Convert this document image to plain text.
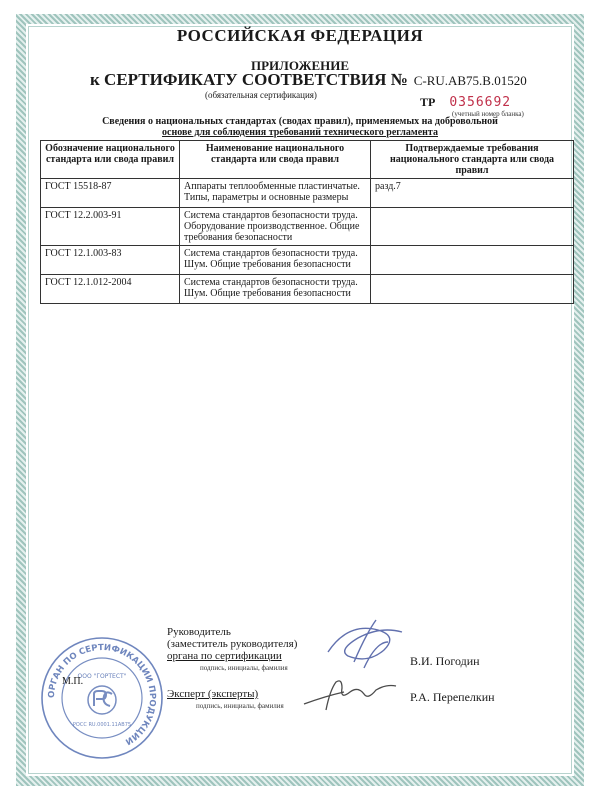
РОССИЙСКАЯ ФЕДЕРАЦИЯ
ПРИЛОЖЕНИЕ
к СЕРТИФИКАТУ СООТВЕТСТВИЯ № C-RU.AB75.B.01520
(обязательная сертификация)	ТР 0356692
(учетный номер бланка)
Сведения о национальных стандартах (сводах правил), применяемых на добровольной
основе для соблюдения требований технического регламента
Обозначение национального стандарта или свода правил	Наименование национального стандарта или свода правил	Подтверждаемые требования национального стандарта или свода правил
ГОСТ 15518-87	Аппараты теплообменные пластинчатые. Типы, параметры и основные размеры	разд.7
ГОСТ 12.2.003-91	Система стандартов безопасности труда. Оборудование производственное. Общие требования безопасности	
ГОСТ 12.1.003-83	Система стандартов безопасности труда. Шум. Общие требования безопасности	
ГОСТ 12.1.012-2004	Система стандартов безопасности труда. Шум. Общие требования безопасности	
ОРГАН ПО СЕРТИФИКАЦИИ ПРОДУКЦИИ
ООО "ГОРТЕСТ"
РОСС RU.0001.11АВ75
М.П.
Руководитель
(заместитель руководителя)
органа по сертификации
подпись, инициалы, фамилия	В.И. Погодин
Эксперт (эксперты)
подпись, инициалы, фамилия
Р.А. Перепелкин
